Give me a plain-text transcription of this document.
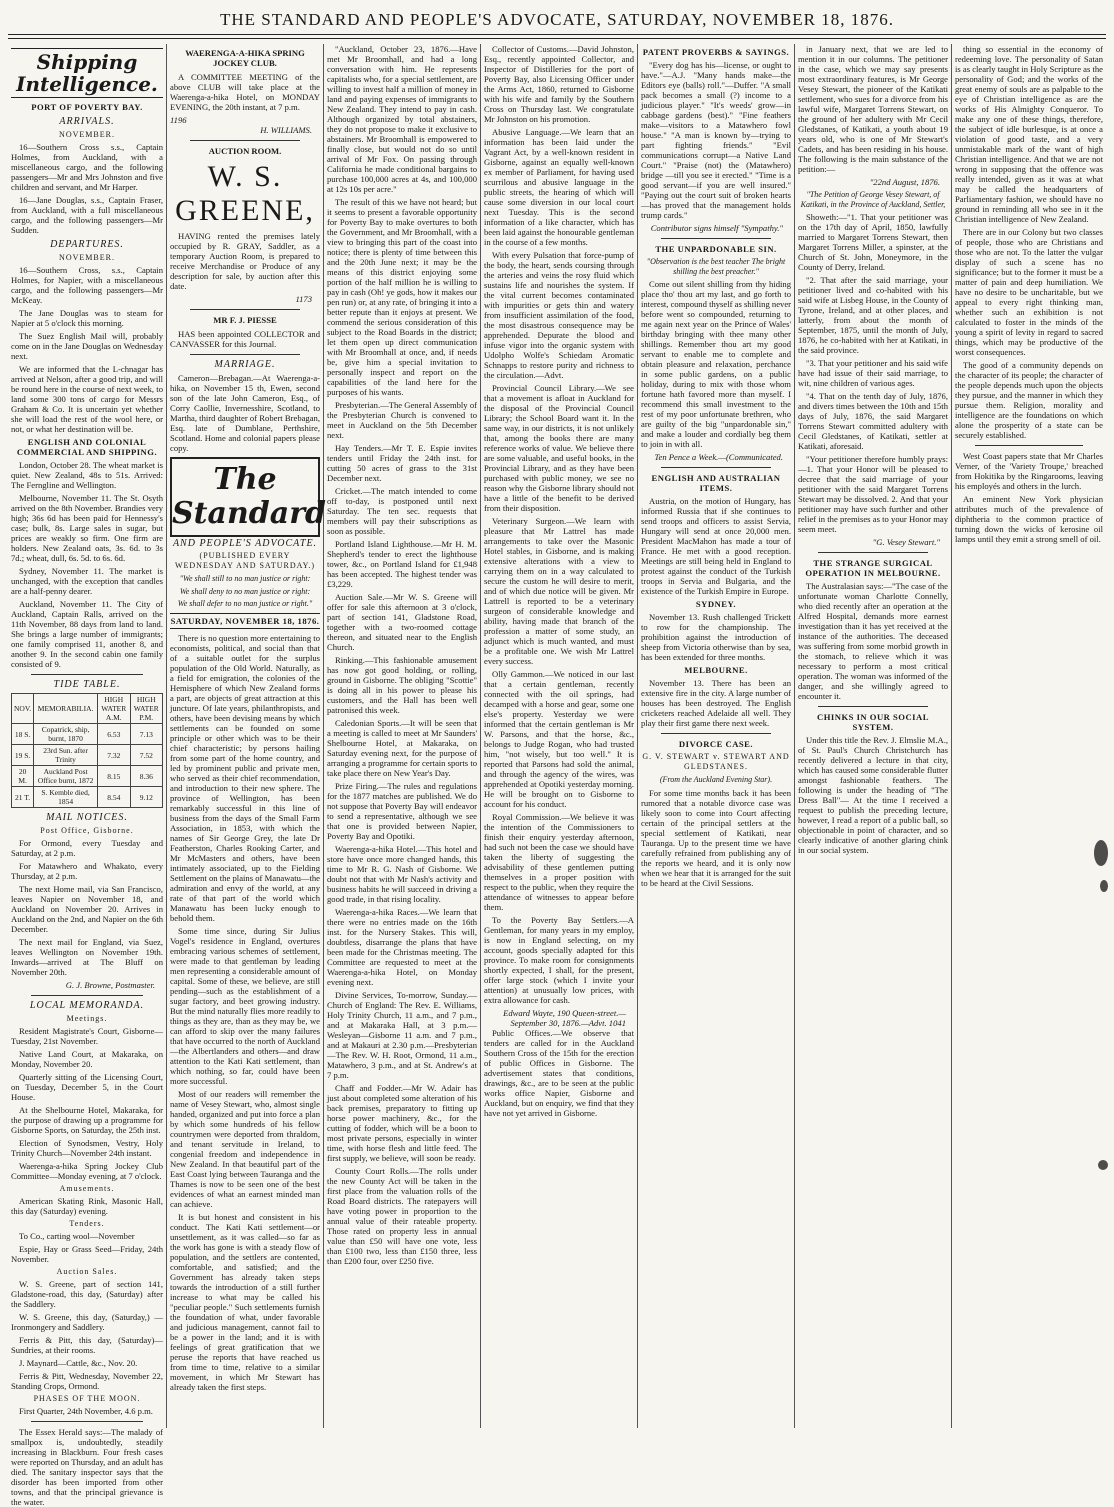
THE STANDARD AND PEOPLE'S ADVOCATE, SATURDAY, NOVEMBER 18, 1876.
Shipping Intelligence.
PORT OF POVERTY BAY.
ARRIVALS.
NOVEMBER.

16—Southern Cross s.s., Captain Holmes, from Auckland, with a miscellaneous cargo, and the following passengers—Mr and Mrs Johnston and five children and servant, and Mr Harper.

16—Jane Douglas, s.s., Captain Fraser, from Auckland, with a full miscellaneous cargo, and the following passengers—Mr Sudden.

DEPARTURES.
NOVEMBER.

16—Southern Cross, s.s., Captain Holmes, for Napier, with a miscellaneous cargo, and the following passengers—Mr McKeay.

The Jane Douglas was to steam for Napier at 5 o'clock this morning.

The Suez English Mail will, probably come on in the Jane Douglas on Wednesday next.

We are informed that the L-chnagar has arrived at Nelson, after a good trip, and will be round here in the course of next week, to land some 300 tons of cargo for Messrs Graham & Co. It is uncertain yet whether she will load the rest of the wool here, or not, or what her destination will be.

ENGLISH AND COLONIAL COMMERCIAL AND SHIPPING.

London, October 28. The wheat market is quiet. New Zealand, 48s to 51s. Arrived: The Ferngline and Wellington.

Melbourne, November 11. The St. Osyth arrived on the 8th November. Brandies very high; 36s 6d has been paid for Hennessy's case; bulk, 8s. Large sales in sugar, but prices are weakly so firm. One firm are holders. New Zealand oats, 3s. 6d. to 3s 7d.; wheat, dull, 6s. 5d. to 6s. 6d.

Sydney, November 11. The market is unchanged, with the exception that candles are a half-penny dearer.

Auckland, November 11. The City of Auckland, Captain Ralls, arrived on the 11th November, 88 days from land to land. She brings a large number of immigrants; one family comprised 11, another 8, and another 9. In the second cabin one family consisted of 9.

TIDE TABLE.
NOV.	MEMORABILIA.	HIGH WATER A.M.	HIGH WATER P.M.
18 S.	Copatrick, ship, burnt, 1870	6.53	7.13
19 S.	23rd Sun. after Trinity	7.32	7.52
20 M.	Auckland Post Office burnt, 1872	8.15	8.36
21 T.	S. Kemble died, 1854	8.54	9.12
MAIL NOTICES.
Post Office, Gisborne.

For Ormond, every Tuesday and Saturday, at 2 p.m.

For Matawhero and Whakato, every Thursday, at 2 p.m.

The next Home mail, via San Francisco, leaves Napier on November 18, and Auckland on November 20. Arrives in Auckland on the 2nd, and Napier on the 6th December.

The next mail for England, via Suez, leaves Wellington on November 19th. Inwards—arrived at The Bluff on November 20th.

G. J. Browne, Postmaster.
LOCAL MEMORANDA.
Meetings.

Resident Magistrate's Court, Gisborne—Tuesday, 21st November.

Native Land Court, at Makaraka, on Monday, November 20.

Quarterly sitting of the Licensing Court, on Tuesday, December 5, in the Court House.

At the Shelbourne Hotel, Makaraka, for the purpose of drawing up a programme for Gisborne Sports, on Saturday, the 25th inst.

Election of Synodsmen, Vestry, Holy Trinity Church—November 24th instant.

Waerenga-a-hika Spring Jockey Club Committee—Monday evening, at 7 o'clock.

Amusements.

American Skating Rink, Masonic Hall, this day (Saturday) evening.

Tenders.

To Co., carting wool—November

Espie, Hay or Grass Seed—Friday, 24th November.

Auction Sales.

W. S. Greene, part of section 141, Gladstone-road, this day, (Saturday) after the Saddlery.

W. S. Greene, this day, (Saturday,) —Ironmongery and Saddlery.

Ferris & Pitt, this day, (Saturday)—Sundries, at their rooms.

J. Maynard—Cattle, &c., Nov. 20.

Ferris & Pitt, Wednesday, November 22, Standing Crops, Ormond.

PHASES OF THE MOON.

First Quarter, 24th November, 4.6 p.m.

The Essex Herald says:—The malady of smallpox is, undoubtedly, steadily increasing in Blackburn. Four fresh cases were reported on Thursday, and an adult has died. The sanitary inspector says that the disorder has been imported from other towns, and that the principal grievance is the water.

WAERENGA-A-HIKA SPRING JOCKEY CLUB.

A COMMITTEE MEETING of the above CLUB will take place at the Waerenga-a-hika Hotel, on MONDAY EVENING, the 20th instant, at 7 p.m.

1196
H. WILLIAMS.
AUCTION ROOM.
W. S. GREENE,

HAVING rented the premises lately occupied by R. GRAY, Saddler, as a temporary Auction Room, is prepared to receive Merchandise or Produce of any description for sale, by auction after this date.

1173
MR F. J. PIESSE

HAS been appointed COLLECTOR and CANVASSER for this Journal.

MARRIAGE.

Cameron—Brebagan.—At Waerenga-a-hika, on November 15 th, Ewen, second son of the late John Cameron, Esq., of Corry Caollie, Invernesshire, Scotland, to Martha, third daughter of Robert Brebagan, Esq. late of Dumblane, Perthshire, Scotland. Home and colonial papers please copy.

The Standard
AND PEOPLE'S ADVOCATE.
(PUBLISHED EVERY WEDNESDAY AND SATURDAY.)
"We shall still to no man justice or right:
We shall deny to no man justice or right:
We shall defer to no man justice or right."
SATURDAY, NOVEMBER 18, 1876.

There is no question more entertaining to economists, political, and social than that of a suitable outlet for the surplus population of the Old World. Naturally, as a field for emigration, the colonies of the Hemisphere of which New Zealand forms a part, are objects of great attraction at this juncture. Of late years, philanthropists, and others, have been devising means by which settlements can be founded on some principle or other which was to be their chief characteristic; by persons hailing from some part of the home country, and led by prominent public and private men, who served as their chief recommendation, and introduction to their new sphere. The province of Wellington, has been remarkably successful in this line of business from the days of the Small Farm Association, in 1853, with which the names of Sir George Grey, the late Dr Featherston, Charles Rooking Carter, and Mr McMasters and others, have been intimately associated, up to the Fielding Settlement on the plains of Manawatu—the admiration and envy of the world, at any rate of that part of the world which Manawatu has been lucky enough to behold them.

Some time since, during Sir Julius Vogel's residence in England, overtures embracing various schemes of settlement, were made to that gentleman by leading men representing a considerable amount of capital. Some of these, we believe, are still pending—such as the establishment of a sugar factory, and beet growing industry. But the mind naturally flies more readily to things as they are, than as they may be, we can afford to skip over the many failures that have occurred to the north of Auckland—the Albertlanders and others—and draw attention to the Kati Kati settlement, than which nothing, so far, could have been more successful.

Most of our readers will remember the name of Vesey Stewart, who, almost single handed, organized and put into force a plan by which some hundreds of his fellow countrymen were deported from thraldom, and tenant servitude in Ireland, to congenial freedom and independence in New Zealand. In that beautiful part of the East Coast lying between Tauranga and the Thames is now to be seen one of the best evidences of what an earnest minded man can achieve.

It is but honest and consistent in his conduct. The Kati Kati settlement—or unsettlement, as it was called—so far as the work has gone is with a steady flow of population, and the settlers are contented, comfortable, and satisfied; and the Government has already taken steps towards the introduction of a still further increase to what may be called his "peculiar people." Such settlements furnish the foundation of what, under favorable and judicious management, cannot fail to be a power in the land; and it is with feelings of great gratification that we peruse the reports that have reached us from time to time, relative to a similar movement, in which Mr Stewart has already taken the first steps.

"Auckland, October 23, 1876.—Have met Mr Broomhall, and had a long conversation with him. He represents capitalists who, for a special settlement, are willing to invest half a million of money in land and paying expenses of immigrants to New Zealand. They intend to pay in cash. Although organized by total abstainers, they do not propose to make it exclusive to abstainers. Mr Broomhall is empowered to finally close, but would not do so until arrival of Mr Fox. On passing through California he made conditional bargains to purchase 100,000 acres at 4s, and 100,000 at 12s 10s per acre."

The result of this we have not heard; but it seems to present a favorable opportunity for Poverty Bay to make overtures to both the Government, and Mr Broomhall, with a view to bringing this part of the coast into notice; there is plenty of time between this and the 20th June next; it may be the means of this district enjoying some portion of the half million he is willing to pay in cash (Oh! ye gods, how it makes our pen run) or, at any rate, of bringing it into a better repute than it enjoys at present. We commend the serious consideration of this subject to the Road Boards in the district; let them open up direct communication with Mr Broomhall at once, and, if needs be, give him a special invitation to personally inspect and report on the capabilities of the land here for the purposes of his wants.

Presbyterian.—The General Assembly of the Presbyterian Church is convened to meet in Auckland on the 5th December next.

Hay Tenders.—Mr T. E. Espie invites tenders until Friday the 24th inst. for cutting 50 acres of grass to the 31st December next.

Cricket.—The match intended to come off to-day, is postponed until next Saturday. The ten sec. requests that members will pay their subscriptions as soon as possible.

Portland Island Lighthouse.—Mr H. M. Shepherd's tender to erect the lighthouse tower, &c., on Portland Island for £1,948 has been accepted. The highest tender was £3,229.

Auction Sale.—Mr W. S. Greene will offer for sale this afternoon at 3 o'clock, part of section 141, Gladstone Road, together with a two-roomed cottage thereon, and situated near to the English Church.

Rinking.—This fashionable amusement has now got good holding, or rolling, ground in Gisborne. The obliging "Scottie" is doing all in his power to please his customers, and the Hall has been well patronised this week.

Caledonian Sports.—It will be seen that a meeting is called to meet at Mr Saunders' Shelbourne Hotel, at Makaraka, on Saturday evening next, for the purpose of arranging a programme for certain sports to take place there on New Year's Day.

Prize Firing.—The rules and regulations for the 1877 matches are published. We do not suppose that Poverty Bay will endeavor to send a representative, although we see that one is provided between Napier, Poverty Bay and Opotiki.

Waerenga-a-hika Hotel.—This hotel and store have once more changed hands, this time to Mr R. G. Nash of Gisborne. We doubt not that with Mr Nash's activity and business habits he will succeed in driving a good trade, in that rising locality.

Waerenga-a-hika Races.—We learn that there were no entries made on the 16th inst. for the Nursery Stakes. This will, doubtless, disarrange the plans that have been made for the Christmas meeting. The Committee are requested to meet at the Waerenga-a-hika Hotel, on Monday evening next.

Divine Services, To-morrow, Sunday.—Church of England: The Rev. E. Williams, Holy Trinity Church, 11 a.m., and 7 p.m., and at Makaraka Hall, at 3 p.m.—Wesleyan—Gisborne 11 a.m. and 7 p.m., and at Makauri at 2.30 p.m.—Presbyterian—The Rev. W. H. Root, Ormond, 11 a.m., Matawhero, 3 p.m., and at St. Andrew's at 7 p.m.

Chaff and Fodder.—Mr W. Adair has just about completed some alteration of his back premises, preparatory to fitting up horse power machinery, &c., for the cutting of fodder, which will be a boon to most private persons, especially in winter time, with horse flesh and little feed. The first supply, we believe, will soon be ready.

County Court Rolls.—The rolls under the new County Act will be taken in the first place from the valuation rolls of the Road Board districts. The ratepayers will have voting power in proportion to the annual value of their rateable property. Those rated on property less in annual value than £50 will have one vote, less than £100 two, less than £150 three, less than £200 four, over £250 five.

Collector of Customs.—David Johnston, Esq., recently appointed Collector, and Inspector of Distilleries for the port of Poverty Bay, also Licensing Officer under the Arms Act, 1860, returned to Gisborne with his wife and family by the Southern Cross on Thursday last. We congratulate Mr Johnston on his promotion.

Abusive Language.—We learn that an information has been laid under the Vagrant Act, by a well-known resident in Gisborne, against an equally well-known ex member of Parliament, for having used scurrilous and abusive language in the public streets, the hearing of which will cause some diversion in our local court next Tuesday. This is the second information of a like character, which has been laid against the honourable gentleman in the course of a few months.

With every Pulsation that force-pump of the body, the heart, sends coursing through the arteries and veins the rosy fluid which sustains life and nourishes the system. If the vital current becomes contaminated with impurities or gets thin and watery from insufficient assimilation of the food, the most disastrous consequence may be apprehended. Depurate the blood and infuse vigor into the organic system with Udolpho Wolfe's Schiedam Aromatic Schnapps to restore purity and richness to the circulation.—Advt.

Provincial Council Library.—We see that a movement is afloat in Auckland for the disposal of the Provincial Council Library; the School Board want it. In the same way, in our districts, it is not unlikely that, among the books there are many reference works of value. We believe there are some valuable, and useful books, in the Provincial Library, and as they have been purchased with public money, we see no reason why the Gisborne library should not have a little of the benefit to be derived from their disposition.

Veterinary Surgeon.—We learn with pleasure that Mr Lattrel has made arrangements to take over the Masonic Hotel stables, in Gisborne, and is making extensive alterations with a view to carrying them on in a way calculated to secure the custom he will desire to merit, and of which due notice will be given. Mr Lattrell is reported to be a veterinary surgeon of considerable knowledge and ability, having made that branch of the profession a matter of some study, an adjunct which is much wanted, and must be a profitable one. We wish Mr Lattrel every success.

Olly Gammon.—We noticed in our last that a certain gentleman, recently connected with the oil springs, had decamped with a horse and gear, some one else's property. Yesterday we were informed that the certain gentleman is Mr W. Parsons, and that the horse, &c., belongs to Judge Rogan, who had trusted him, "not wisely, but too well." It is reported that Parsons had sold the animal, and through the agency of the wires, was apprehended at Opotiki yesterday morning. He will be brought on to Gisborne to account for his conduct.

Royal Commission.—We believe it was the intention of the Commissioners to finish their enquiry yesterday afternoon, had such not been the case we should have taken the liberty of suggesting the advisability of these gentlemen putting themselves in a proper position with respect to the public, when they require the attendance of witnesses to appear before them.

To the Poverty Bay Settlers.—A Gentleman, for many years in my employ, is now in England selecting, on my account, goods specially adapted for this province. To make room for consignments shortly expected, I shall, for the present, offer large stock (which I invite your attention) at unusually low prices, with extra allowance for cash.

Edward Wayte, 190 Queen-street.—September 30, 1876.—Advt. 1041

Public Offices.—We observe that tenders are called for in the Auckland Southern Cross of the 15th for the erection of public Offices in Gisborne. The advertisement states that conditions, drawings, &c., are to be seen at the public works office Napier, Gisborne and Auckland, but on enquiry, we find that they have not yet arrived in Gisborne.

PATENT PROVERBS & SAYINGS.

"Every dog has his—license, or ought to have."—A.J. "Many hands make—the Editors eye (balls) roll."—Duffer. "A small pack becomes a small (?) income to a judicious player." "It's weeds' grow—in cabbage gardens (best)." "Fine feathers make—visitors to a Matawhero fowl house." "A man is known by—trying to part fighting friends." "Evil communications corrupt—a Native Land Court." "Praise (not) the (Matawhero) bridge —till you see it erected." "Time is a good servant—if you are well insured." "Paying out the court suit of broken hearts—has proved that the management holds trump cards."

Contributor signs himself "Sympathy."
THE UNPARDONABLE SIN.
"Observation is the best teacher The bright shilling the best preacher."

Come out silent shilling from thy hiding place tho' thou art my last, and go forth to interest, compound thyself as shilling never before went so compounded, returning to me again next year on the Prince of Wales' birthday bringing with thee many other shillings. Remember thou art my good servant to enable me to complete and obtain pleasure and relaxation, perchance in some public gardens, on a public holiday, during to mix with those whom fortune hath favored more than myself. I recommend this small investment to the rest of my poor unfortunate brethren, who are guilty of the big "unpardonable sin," and make a louder and cordially beg them to join in with all.

Ten Pence a Week.—(Communicated.
ENGLISH AND AUSTRALIAN ITEMS.

Austria, on the motion of Hungary, has informed Russia that if she continues to send troops and officers to assist Servia, Hungary will send at once 20,000 men. President MacMahon has made a tour of France. He met with a good reception. Meetings are still being held in England to protest against the conduct of the Turkish troops in Servia and Bulgaria, and the existence of the Turkish Empire in Europe.

SYDNEY.

November 13. Rush challenged Trickett to row for the championship. The prohibition against the introduction of sheep from Victoria otherwise than by sea, has been extended for three months.

MELBOURNE.

November 13. There has been an extensive fire in the city. A large number of houses has been destroyed. The English cricketers reached Adelaide all well. They play their first game there next week.

DIVORCE CASE.
G. V. STEWART v. STEWART AND GLEDSTANES.
(From the Auckland Evening Star).

For some time months back it has been rumored that a notable divorce case was likely soon to come into Court affecting certain of the principal settlers at the special settlement of Katikati, near Tauranga. Up to the present time we have carefully refrained from publishing any of the reports we heard, and it is only now when we hear that it is arranged for the suit to be heard at the Civil Sessions.

in January next, that we are led to mention it in our columns. The petitioner in the case, which we may say presents most extraordinary features, is Mr George Vesey Stewart, the pioneer of the Katikati settlement, who sues for a divorce from his lawful wife, Margaret Torrens Stewart, on the ground of her adultery with Mr Cecil Gledstanes, of Katikati, a youth about 19 years old, who is one of Mr Stewart's Cadets, and has been residing in his house. The following is the main substance of the petition:—

"22nd August, 1876.
"The Petition of George Vesey Stewart, of Katikati, in the Province of Auckland, Settler,

Showeth:—"1. That your petitioner was on the 17th day of April, 1850, lawfully married to Margaret Torrens Stewart, then Margaret Torrens Miller, a spinster, at the Church of St. John, Moneymore, in the County of Derry, Ireland.

"2. That after the said marriage, your petitioner lived and co-habited with his said wife at Lisbeg House, in the County of Tyrone, Ireland, and at other places, and latterly, from about the month of September, 1875, until the month of July, 1876, he co-habited with her at Katikati, in the said province.

"3. That your petitioner and his said wife have had issue of their said marriage, to wit, nine children of various ages.

"4. That on the tenth day of July, 1876, and divers times between the 10th and 15th days of July, 1876, the said Margaret Torrens Stewart committed adultery with Cecil Gledstanes, of Katikati, settler at Katikati, aforesaid.

"Your petitioner therefore humbly prays:—1. That your Honor will be pleased to decree that the said marriage of your petitioner with the said Margaret Torrens Stewart may be dissolved. 2. And that your petitioner may have such further and other relief in the premises as to your Honor may seem meet.

"G. Vesey Stewart."
THE STRANGE SURGICAL OPERATION IN MELBOURNE.

The Australasian says:—"The case of the unfortunate woman Charlotte Connelly, who died recently after an operation at the Alfred Hospital, demands more earnest investigation than it has yet received at the instance of the authorities. The deceased was suffering from some morbid growth in the stomach, to relieve which it was necessary to perform a most critical operation. The woman was informed of the danger, and she willingly agreed to encounter it.

CHINKS IN OUR SOCIAL SYSTEM.

Under this title the Rev. J. Elmslie M.A., of St. Paul's Church Christchurch has recently delivered a lecture in that city, which has caused some considerable flutter amongst fashionable feathers. The following is under the heading of "The Dress Ball"— At the time I received a request to publish the preceding lecture, however, I read a report of a public ball, so objectionable in point of character, and so clearly indicative of another glaring chink in our social system.

thing so essential in the economy of redeeming love. The personality of Satan is as clearly taught in Holy Scripture as the personality of God; and the works of the great enemy of souls are as palpable to the eye of Christian intelligence as are the works of His Almighty Conqueror. To make any one of these things, therefore, the subject of idle burlesque, is at once a violation of good taste, and a very unmistakable mark of the want of high Christian intelligence. And that we are not wrong in supposing that the offence was really intended, given as it was at what may be called the headquarters of Parliamentary fashion, we should have no ground in reminding all who see in it the Christian intelligence of New Zealand.

There are in our Colony but two classes of people, those who are Christians and those who are not. To the latter the vulgar display of such a scene has no significance; but to the former it must be a matter of pain and deep humiliation. We have no desire to be uncharitable, but we appeal to every right thinking man, whether such an exhibition is not calculated to foster in the minds of the young a spirit of levity in regard to sacred things, which may be productive of the worst consequences.

The good of a community depends on the character of its people; the character of the people depends much upon the objects they pursue, and the manner in which they pursue them. Religion, morality and intelligence are the foundations on which alone the prosperity of a state can be securely established.

West Coast papers state that Mr Charles Verner, of the 'Variety Troupe,' breached from Hokitika by the Ringarooms, leaving his employés and others in the lurch.

An eminent New York physician attributes much of the prevalence of diphtheria to the common practice of turning down the wicks of kerosine oil lamps until they emit a strong smell of oil.
